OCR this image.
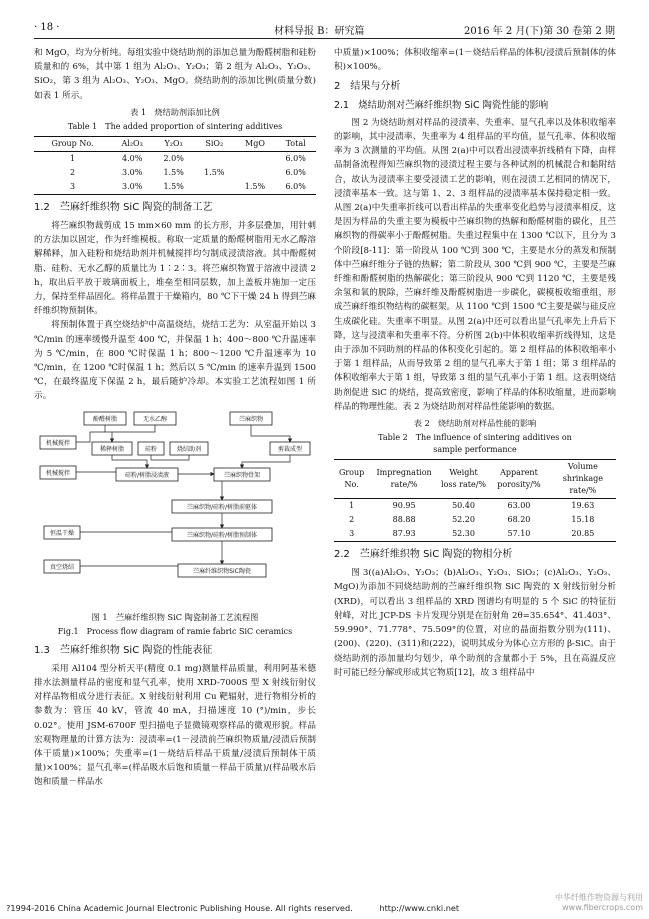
· 18 ·	材料导报 B：研究篇	2016 年 2 月(下)第 30 卷第 2 期

和 MgO，均为分析纯。每组实验中烧结助剂的添加总量为酚醛树脂和硅粉质量和的 6%，其中第 1 组为 Al₂O₃、Y₂O₃；第 2 组为 Al₂O₃、Y₂O₃、SiO₂，第 3 组为 Al₂O₃、Y₂O₃、MgO。烧结助剂的添加比例(质量分数)如表 1 所示。

表 1　烧结助剂添加比例
Table 1　The added proportion of sintering additives
Group No.	Al₂O₃	Y₂O₃	SiO₂	MgO	Total
1	4.0%	2.0%			6.0%
2	3.0%	1.5%	1.5%		6.0%
3	3.0%	1.5%		1.5%	6.0%
1.2　苎麻纤维织物 SiC 陶瓷的制备工艺

将苎麻织物裁剪成 15 mm×60 mm 的长方形，并多层叠加，用针刺的方法加以固定，作为纤维模板。称取一定质量的酚醛树脂用无水乙醇溶解稀释，加入硅粉和烧结助剂并机械搅拌均匀制成浸渍溶液。其中酚醛树脂、硅粉、无水乙醇的质量比为 1∶2∶3。将苎麻织物置于溶液中浸渍 2 h，取出后平放于玻璃面板上，堆垒至相同层数，加上盖板并施加一定压力，保持至样品固化。将样品置于干燥箱内，80 ℃下干燥 24 h 得到苎麻纤维织物预制体。

将预制体置于真空烧结炉中高温烧结，烧结工艺为：从室温开始以 3 ℃/min 的速率缓慢升温至 400 ℃，并保温 1 h；400～800 ℃升温速率为 5 ℃/min，在 800 ℃时保温 1 h；800～1200 ℃升温速率为 10 ℃/min，在 1200 ℃时保温 1 h；然后以 5 ℃/min 的速率升温到 1500 ℃，在最终温度下保温 2 h，最后随炉冷却。本实验工艺流程如图 1 所示。

酚醛树脂	无水乙醇	苎麻织物
机械搅拌
稀释树脂	硅粉	烧结助剂	剪裁成型
机械搅拌	硅粉/树脂浸渍液	苎麻织物骨架
苎麻织物/硅粉/树脂前驱体
恒温干燥	苎麻织物/硅粉/树脂预制体
真空烧结
苎麻纤维织物SiC陶瓷
图 1　苎麻纤维织物 SiC 陶瓷制备工艺流程图
Fig.1　Process flow diagram of ramie fabric SiC ceramics
1.3　苎麻纤维织物 SiC 陶瓷的性能表征

采用 Al104 型分析天平(精度 0.1 mg)测量样品质量，利用阿基米德排水法测量样品的密度和显气孔率，使用 XRD-7000S 型 X 射线衍射仪对样品物相成分进行表征。X 射线衍射利用 Cu 靶辐射，进行物相分析的参数为：管压 40 kV，管流 40 mA，扫描速度 10 (°)/min，步长 0.02°。使用 JSM-6700F 型扫描电子显微镜观察样品的微观形貌。样品宏观物理量的计算方法为：浸渍率=(1－浸渍前苎麻织物质量/浸渍后预制体干质量)×100%；失重率=(1－烧结后样品干质量/浸渍后预制体干质量)×100%；显气孔率=(样品吸水后饱和质量－样品干质量)/(样品吸水后饱和质量－样品水

中质量)×100%；体积收缩率=(1－烧结后样品的体积/浸渍后预制体的体积)×100%。

2　结果与分析
2.1　烧结助剂对苎麻纤维织物 SiC 陶瓷性能的影响

图 2 为烧结助剂对样品的浸渍率、失重率、显气孔率以及体积收缩率的影响，其中浸渍率、失重率为 4 组样品的平均值，显气孔率、体积收缩率为 3 次测量的平均值。从图 2(a)中可以看出浸渍率折线稍有下降，由样品制备流程得知苎麻织物的浸渍过程主要与各种试剂的机械混合和黏附结合，故认为浸渍率主要受浸渍工艺的影响，则在浸渍工艺相同的情况下，浸渍率基本一致。这与第 1、2、3 组样品的浸渍率基本保持稳定相一致。从图 2(a)中失重率折线可以看出样品的失重率变化趋势与浸渍率相反，这是因为样品的失重主要为模板中苎麻织物的热解和酚醛树脂的碳化，且苎麻织物的得碳率小于酚醛树脂。失重过程集中在 1300 ℃以下，且分为 3 个阶段[8-11]：第一阶段从 100 ℃到 300 ℃，主要是水分的蒸发和预制体中苎麻纤维分子链的热解；第二阶段从 300 ℃到 900 ℃，主要是苎麻纤维和酚醛树脂的热解碳化；第三阶段从 900 ℃到 1120 ℃，主要是残余氢和氧的脱除，苎麻纤维及酚醛树脂进一步碳化，碳模板收缩重组，形成苎麻纤维织物结构的碳框架。从 1100 ℃到 1500 ℃主要是碳与硅反应生成碳化硅。失重率不明显。从图 2(a)中还可以看出显气孔率先上升后下降，这与浸渍率和失重率不符。分析图 2(b)中体积收缩率折线得知，这是由于添加不同助剂的样品的体积变化引起的。第 2 组样品的体积收缩率小于第 1 组样品，从而导致第 2 组的显气孔率大于第 1 组；第 3 组样品的体积收缩率大于第 1 组，导致第 3 组的显气孔率小于第 1 组。这表明烧结助剂促进 SiC 的烧结，提高致密度，影响了样品的体积收缩量，进而影响样品的物理性能。表 2 为烧结助剂对样品性能影响的数据。

表 2　烧结助剂对样品性能的影响
Table 2　The influence of sintering additives on
sample performance
Group No.	Impregnation rate/%	Weight loss rate/%	Apparent porosity/%	Volume shrinkage rate/%
1	90.95	50.40	63.00	19.63
2	88.88	52.20	68.20	15.18
3	87.93	52.30	57.10	20.85
2.2　苎麻纤维织物 SiC 陶瓷的物相分析

图 3((a)Al₂O₃、Y₂O₃；(b)Al₂O₃、Y₂O₃、SiO₂；(c)Al₂O₃、Y₂O₃、MgO)为添加不同烧结助剂的苎麻纤维织物 SiC 陶瓷的 X 射线衍射分析(XRD)，可以看出 3 组样品的 XRD 图谱均有明显的 5 个 SiC 的特征衍射峰，对比 JCP-DS 卡片发现分别是在衍射角 2θ=35.654°、41.403°、59.990°、71.778°、75.509°的位置，对应的晶面指数分别为(111)、(200)、(220)、(311)和(222)，说明其成分为体心立方形的 β-SiC。由于烧结助剂的添加量均匀划少，单个助剂的含量都小于 5%，且在高温反应时可能已经分解或形成其它物质[12]，故 3 组样品中

?1994-2016 China Academic Journal Electronic Publishing House. All rights reserved.	http://www.cnki.net
中华纤维作物资源与利用
www.fibercrops.com
